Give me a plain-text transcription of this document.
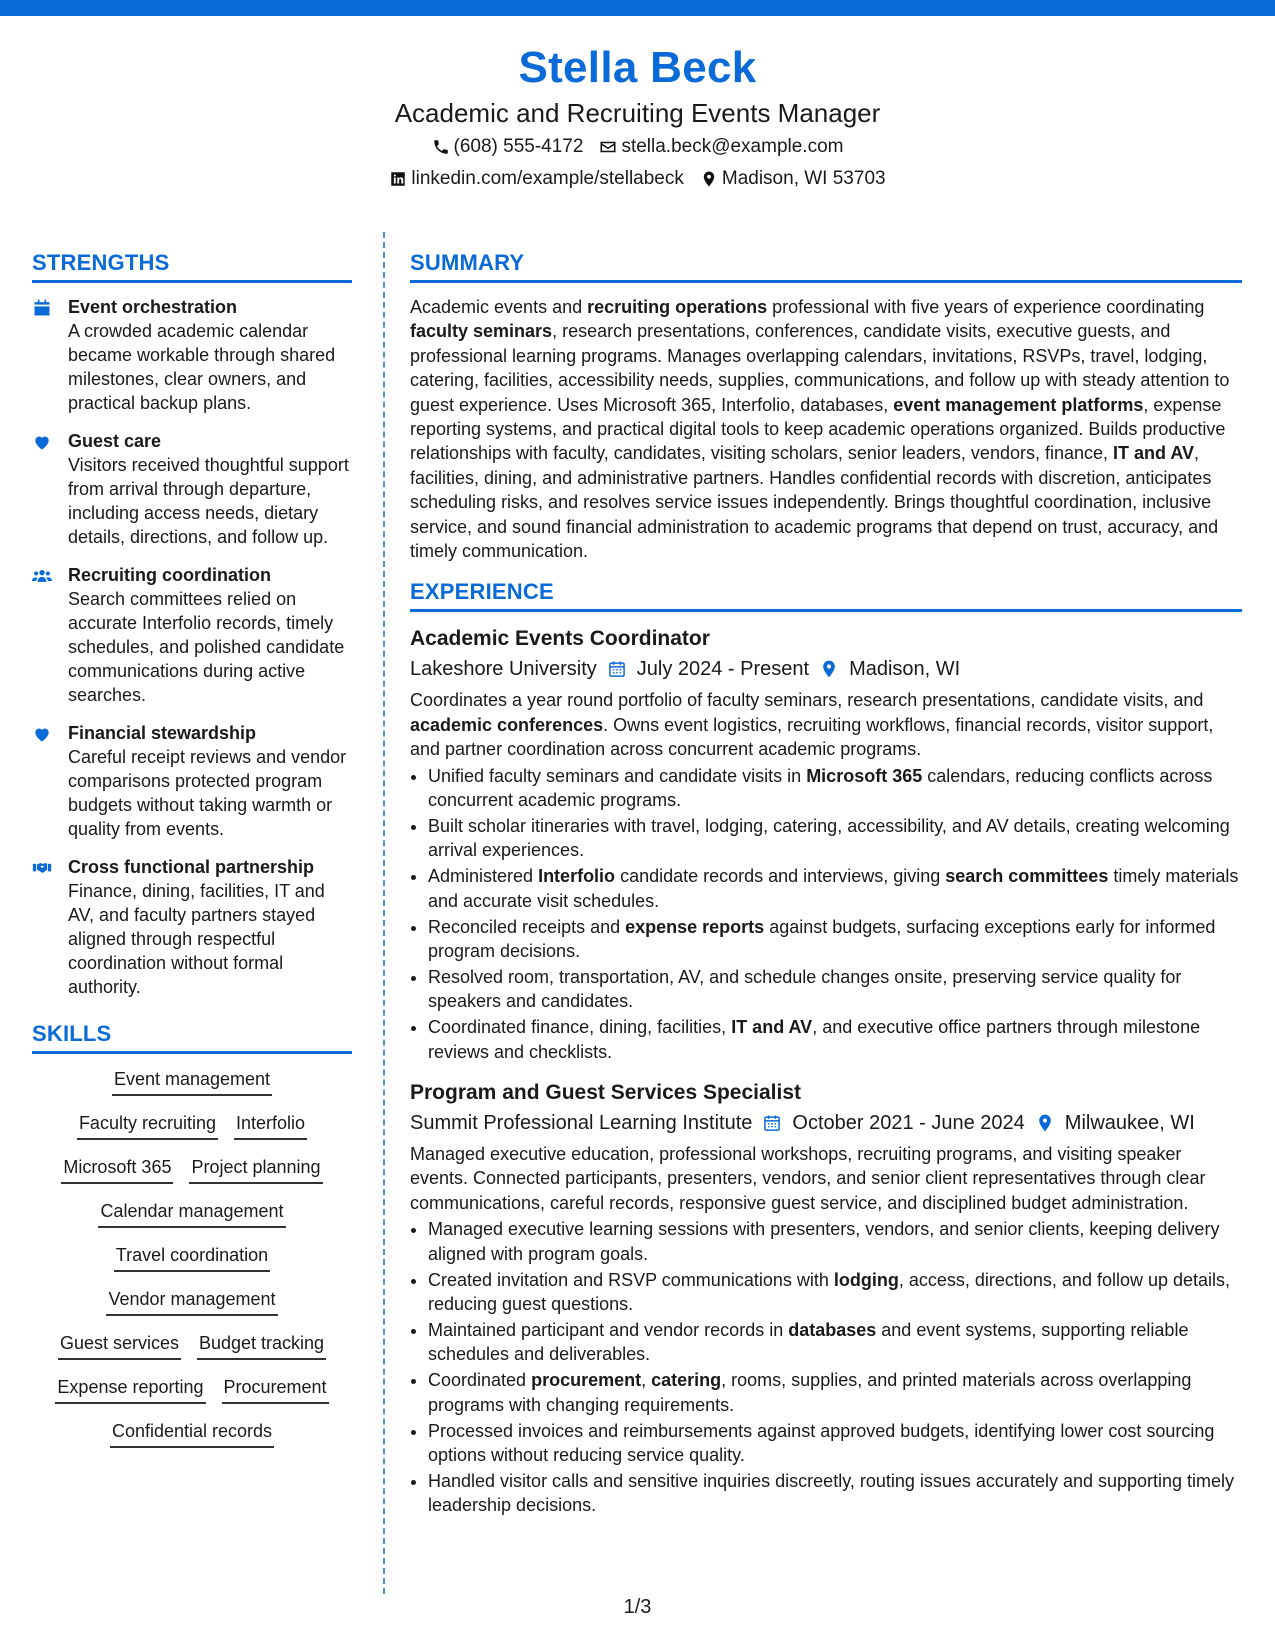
Stella Beck
Academic and Recruiting Events Manager
(608) 555-4172 stella.beck@example.com
linkedin.com/example/stellabeck Madison, WI 53703
STRENGTHS
Event orchestration
A crowded academic calendar became workable through shared milestones, clear owners, and practical backup plans.
Guest care
Visitors received thoughtful support from arrival through departure, including access needs, dietary details, directions, and follow up.
Recruiting coordination
Search committees relied on accurate Interfolio records, timely schedules, and polished candidate communications during active searches.
Financial stewardship
Careful receipt reviews and vendor comparisons protected program budgets without taking warmth or quality from events.
Cross functional partnership
Finance, dining, facilities, IT and AV, and faculty partners stayed aligned through respectful coordination without formal authority.
SKILLS
Event management
Faculty recruiting Interfolio
Microsoft 365 Project planning
Calendar management
Travel coordination
Vendor management
Guest services Budget tracking
Expense reporting Procurement
Confidential records
SUMMARY
Academic events and recruiting operations professional with five years of experience coordinating faculty seminars, research presentations, conferences, candidate visits, executive guests, and professional learning programs. Manages overlapping calendars, invitations, RSVPs, travel, lodging, catering, facilities, accessibility needs, supplies, communications, and follow up with steady attention to guest experience. Uses Microsoft 365, Interfolio, databases, event management platforms, expense reporting systems, and practical digital tools to keep academic operations organized. Builds productive relationships with faculty, candidates, visiting scholars, senior leaders, vendors, finance, IT and AV, facilities, dining, and administrative partners. Handles confidential records with discretion, anticipates scheduling risks, and resolves service issues independently. Brings thoughtful coordination, inclusive service, and sound financial administration to academic programs that depend on trust, accuracy, and timely communication.
EXPERIENCE
Academic Events Coordinator
Lakeshore University July 2024 - Present Madison, WI
Coordinates a year round portfolio of faculty seminars, research presentations, candidate visits, and academic conferences. Owns event logistics, recruiting workflows, financial records, visitor support, and partner coordination across concurrent academic programs.
• Unified faculty seminars and candidate visits in Microsoft 365 calendars, reducing conflicts across concurrent academic programs.
• Built scholar itineraries with travel, lodging, catering, accessibility, and AV details, creating welcoming arrival experiences.
• Administered Interfolio candidate records and interviews, giving search committees timely materials and accurate visit schedules.
• Reconciled receipts and expense reports against budgets, surfacing exceptions early for informed program decisions.
• Resolved room, transportation, AV, and schedule changes onsite, preserving service quality for speakers and candidates.
• Coordinated finance, dining, facilities, IT and AV, and executive office partners through milestone reviews and checklists.
Program and Guest Services Specialist
Summit Professional Learning Institute October 2021 - June 2024 Milwaukee, WI
Managed executive education, professional workshops, recruiting programs, and visiting speaker events. Connected participants, presenters, vendors, and senior client representatives through clear communications, careful records, responsive guest service, and disciplined budget administration.
• Managed executive learning sessions with presenters, vendors, and senior clients, keeping delivery aligned with program goals.
• Created invitation and RSVP communications with lodging, access, directions, and follow up details, reducing guest questions.
• Maintained participant and vendor records in databases and event systems, supporting reliable schedules and deliverables.
• Coordinated procurement, catering, rooms, supplies, and printed materials across overlapping programs with changing requirements.
• Processed invoices and reimbursements against approved budgets, identifying lower cost sourcing options without reducing service quality.
• Handled visitor calls and sensitive inquiries discreetly, routing issues accurately and supporting timely leadership decisions.
1/3
